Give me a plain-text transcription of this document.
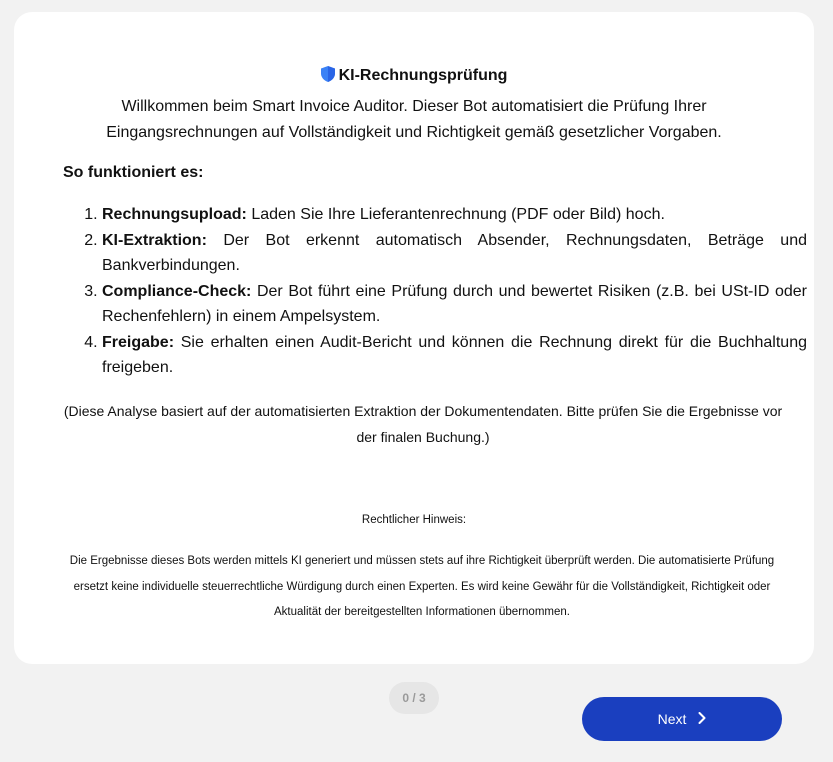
KI-Rechnungsprüfung
Willkommen beim Smart Invoice Auditor. Dieser Bot automatisiert die Prüfung Ihrer Eingangsrechnungen auf Vollständigkeit und Richtigkeit gemäß gesetzlicher Vorgaben.
So funktioniert es:
1. Rechnungsupload: Laden Sie Ihre Lieferantenrechnung (PDF oder Bild) hoch.
2. KI-Extraktion: Der Bot erkennt automatisch Absender, Rechnungsdaten, Beträge und Bankverbindungen.
3. Compliance-Check: Der Bot führt eine Prüfung durch und bewertet Risiken (z.B. bei USt-ID oder Rechenfehlern) in einem Ampelsystem.
4. Freigabe: Sie erhalten einen Audit-Bericht und können die Rechnung direkt für die Buchhaltung freigeben.
(Diese Analyse basiert auf der automatisierten Extraktion der Dokumentendaten. Bitte prüfen Sie die Ergebnisse vor der finalen Buchung.)
Rechtlicher Hinweis:
Die Ergebnisse dieses Bots werden mittels KI generiert und müssen stets auf ihre Richtigkeit überprüft werden. Die automatisierte Prüfung ersetzt keine individuelle steuerrechtliche Würdigung durch einen Experten. Es wird keine Gewähr für die Vollständigkeit, Richtigkeit oder Aktualität der bereitgestellten Informationen übernommen.
0 / 3
Next
